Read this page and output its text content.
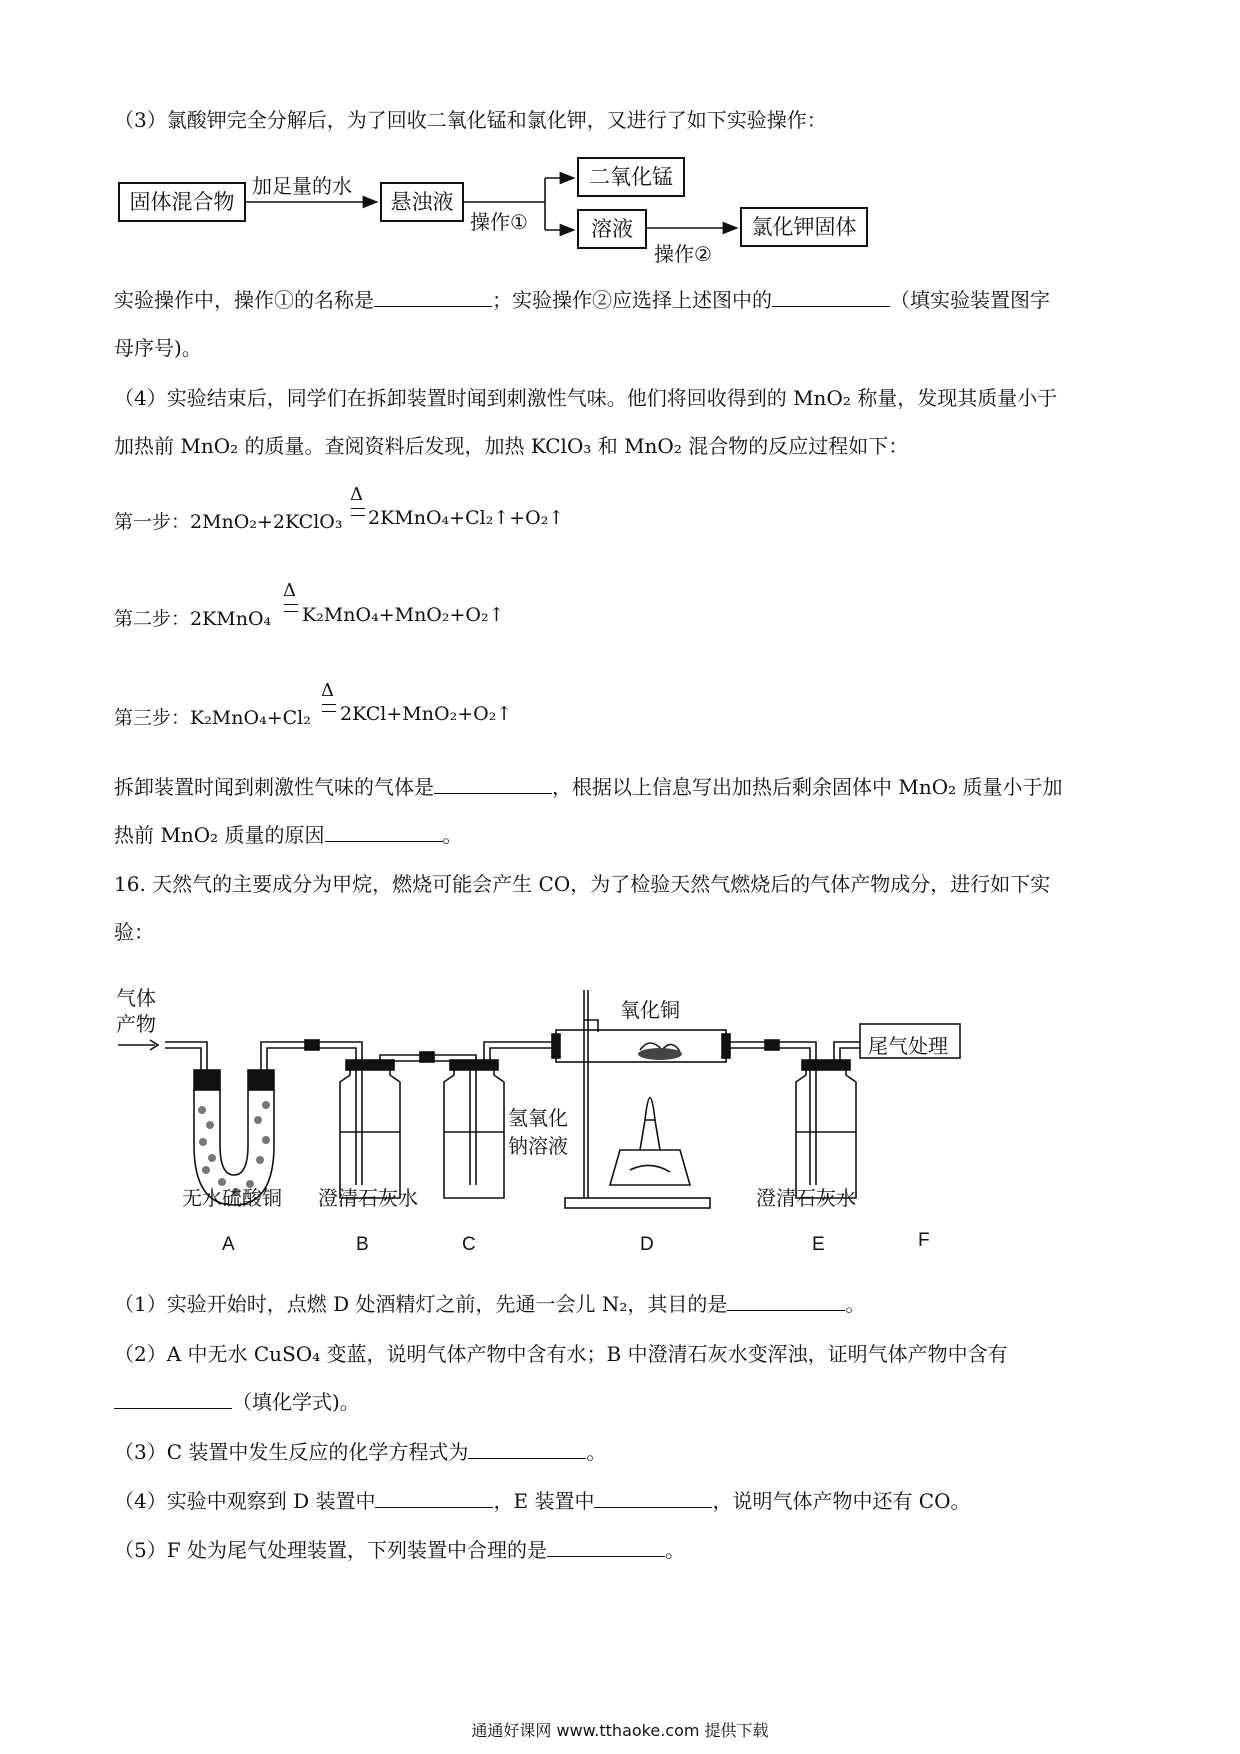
（3）氯酸钾完全分解后，为了回收二氧化锰和氯化钾，又进行了如下实验操作：
固体混合物
加足量的水
悬浊液
操作①
二氧化锰
溶液
操作②
氯化钾固体
实验操作中，操作①的名称是	；实验操作②应选择上述图中的	（填实验装置图字
母序号)。
（4）实验结束后，同学们在拆卸装置时闻到刺激性气味。他们将回收得到的 MnO₂ 称量，发现其质量小于
加热前 MnO₂ 的质量。查阅资料后发现，加热 KClO₃ 和 MnO₂ 混合物的反应过程如下：
第一步：2MnO₂+2KClO₃
Δ
2KMnO₄+Cl₂↑+O₂↑
第二步：2KMnO₄
Δ
K₂MnO₄+MnO₂+O₂↑
第三步：K₂MnO₄+Cl₂
Δ
2KCl+MnO₂+O₂↑
拆卸装置时闻到刺激性气味的气体是	，根据以上信息写出加热后剩余固体中 MnO₂ 质量小于加
热前 MnO₂ 质量的原因	。
16. 天然气的主要成分为甲烷，燃烧可能会产生 CO，为了检验天然气燃烧后的气体产物成分，进行如下实
验：
气体
产物
氧化铜
尾气处理
氢氧化
钠溶液
无水硫酸铜 澄清石灰水	澄清石灰水
A	B	C	D	E	F
（1）实验开始时，点燃 D 处酒精灯之前，先通一会儿 N₂，其目的是	。
（2）A 中无水 CuSO₄ 变蓝，说明气体产物中含有水；B 中澄清石灰水变浑浊，证明气体产物中含有
（填化学式)。
（3）C 装置中发生反应的化学方程式为	。
（4）实验中观察到 D 装置中	，E 装置中	，说明气体产物中还有 CO。
（5）F 处为尾气处理装置，下列装置中合理的是	。
通通好课网 www.tthaoke.com 提供下载
